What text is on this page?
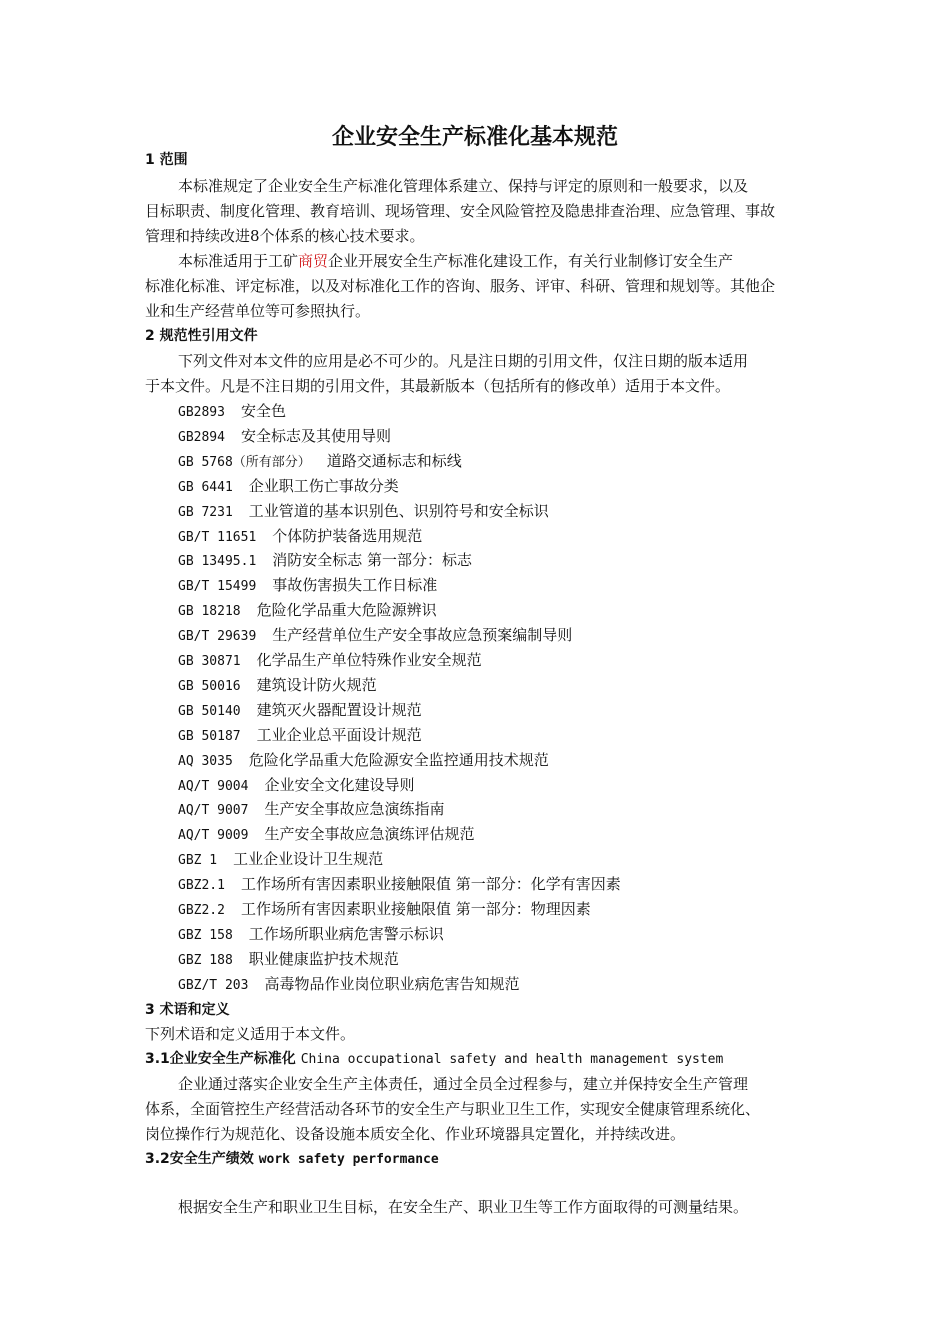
企业安全生产标准化基本规范
1 范围
本标准规定了企业安全生产标准化管理体系建立、保持与评定的原则和一般要求，以及
目标职责、制度化管理、教育培训、现场管理、安全风险管控及隐患排查治理、应急管理、事故
管理和持续改进8个体系的核心技术要求。
本标准适用于工矿商贸企业开展安全生产标准化建设工作，有关行业制修订安全生产
标准化标准、评定标准，以及对标准化工作的咨询、服务、评审、科研、管理和规划等。其他企
业和生产经营单位等可参照执行。
2 规范性引用文件
下列文件对本文件的应用是必不可少的。凡是注日期的引用文件，仅注日期的版本适用
于本文件。凡是不注日期的引用文件，其最新版本（包括所有的修改单）适用于本文件。
GB2893 安全色
GB2894 安全标志及其使用导则
GB 5768（所有部分） 道路交通标志和标线
GB 6441 企业职工伤亡事故分类
GB 7231 工业管道的基本识别色、识别符号和安全标识
GB/T 11651 个体防护装备选用规范
GB 13495.1 消防安全标志 第一部分：标志
GB/T 15499 事故伤害损失工作日标准
GB 18218 危险化学品重大危险源辨识
GB/T 29639 生产经营单位生产安全事故应急预案编制导则
GB 30871 化学品生产单位特殊作业安全规范
GB 50016 建筑设计防火规范
GB 50140 建筑灭火器配置设计规范
GB 50187 工业企业总平面设计规范
AQ 3035 危险化学品重大危险源安全监控通用技术规范
AQ/T 9004 企业安全文化建设导则
AQ/T 9007 生产安全事故应急演练指南
AQ/T 9009 生产安全事故应急演练评估规范
GBZ 1 工业企业设计卫生规范
GBZ2.1 工作场所有害因素职业接触限值 第一部分：化学有害因素
GBZ2.2 工作场所有害因素职业接触限值 第一部分：物理因素
GBZ 158 工作场所职业病危害警示标识
GBZ 188 职业健康监护技术规范
GBZ/T 203 高毒物品作业岗位职业病危害告知规范
3 术语和定义
下列术语和定义适用于本文件。
3.1企业安全生产标准化 China occupational safety and health management system
企业通过落实企业安全生产主体责任，通过全员全过程参与，建立并保持安全生产管理
体系，全面管控生产经营活动各环节的安全生产与职业卫生工作，实现安全健康管理系统化、
岗位操作行为规范化、设备设施本质安全化、作业环境器具定置化，并持续改进。
3.2安全生产绩效 work safety performance
根据安全生产和职业卫生目标，在安全生产、职业卫生等工作方面取得的可测量结果。
